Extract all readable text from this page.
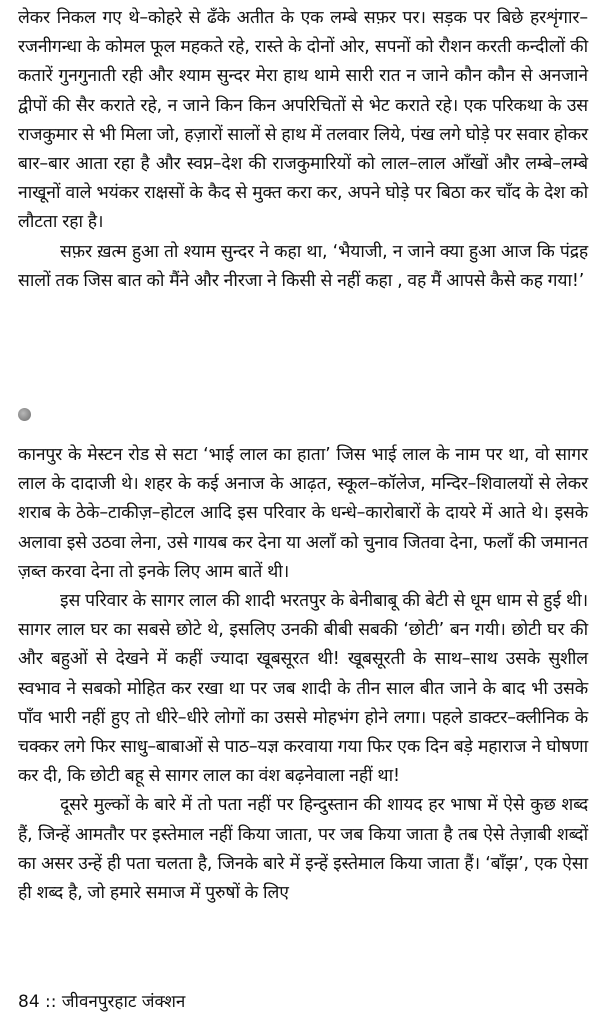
लेकर निकल गए थे–कोहरे से ढँके अतीत के एक लम्बे सफ़र पर। सड़क पर बिछे हरशृंगार–रजनीगन्धा के कोमल फूल महकते रहे, रास्ते के दोनों ओर, सपनों को रौशन करती कन्दीलों की कतारें गुनगुनाती रही और श्याम सुन्दर मेरा हाथ थामे सारी रात न जाने कौन कौन से अनजाने द्वीपों की सैर कराते रहे, न जाने किन किन अपरिचितों से भेट कराते रहे। एक परिकथा के उस राजकुमार से भी मिला जो, हज़ारों सालों से हाथ में तलवार लिये, पंख लगे घोड़े पर सवार होकर बार–बार आता रहा है और स्वप्न–देश की राजकुमारियों को लाल–लाल आँखों और लम्बे–लम्बे नाखूनों वाले भयंकर राक्षसों के कैद से मुक्त करा कर, अपने घोड़े पर बिठा कर चाँद के देश को लौटता रहा है।

सफ़र ख़त्म हुआ तो श्याम सुन्दर ने कहा था, ‘भैयाजी, न जाने क्या हुआ आज कि पंद्रह सालों तक जिस बात को मैंने और नीरजा ने किसी से नहीं कहा , वह मैं आपसे कैसे कह गया!’

कानपुर के मेस्टन रोड से सटा ‘भाई लाल का हाता’ जिस भाई लाल के नाम पर था, वो सागर लाल के दादाजी थे। शहर के कई अनाज के आढ़त, स्कूल–कॉलेज, मन्दिर–शिवालयों से लेकर शराब के ठेके–टाकीज़–होटल आदि इस परिवार के धन्धे–कारोबारों के दायरे में आते थे। इसके अलावा इसे उठवा लेना, उसे गायब कर देना या अलाँ को चुनाव जितवा देना, फलाँ की जमानत ज़ब्त करवा देना तो इनके लिए आम बातें थी।

इस परिवार के सागर लाल की शादी भरतपुर के बेनीबाबू की बेटी से धूम धाम से हुई थी। सागर लाल घर का सबसे छोटे थे, इसलिए उनकी बीबी सबकी ‘छोटी’ बन गयी। छोटी घर की और बहुओं से देखने में कहीं ज्यादा खूबसूरत थी! खूबसूरती के साथ–साथ उसके सुशील स्वभाव ने सबको मोहित कर रखा था पर जब शादी के तीन साल बीत जाने के बाद भी उसके पाँव भारी नहीं हुए तो धीरे–धीरे लोगों का उससे मोहभंग होने लगा। पहले डाक्टर–क्लीनिक के चक्कर लगे फिर साधु–बाबाओं से पाठ–यज्ञ करवाया गया फिर एक दिन बड़े महाराज ने घोषणा कर दी, कि छोटी बहू से सागर लाल का वंश बढ़नेवाला नहीं था!

दूसरे मुल्कों के बारे में तो पता नहीं पर हिन्दुस्तान की शायद हर भाषा में ऐसे कुछ शब्द हैं, जिन्हें आमतौर पर इस्तेमाल नहीं किया जाता, पर जब किया जाता है तब ऐसे तेज़ाबी शब्दों का असर उन्हें ही पता चलता है, जिनके बारे में इन्हें इस्तेमाल किया जाता हैं। ‘बाँझ’, एक ऐसा ही शब्द है, जो हमारे समाज में पुरुषों के लिए

84 :: जीवनपुरहाट जंक्शन
